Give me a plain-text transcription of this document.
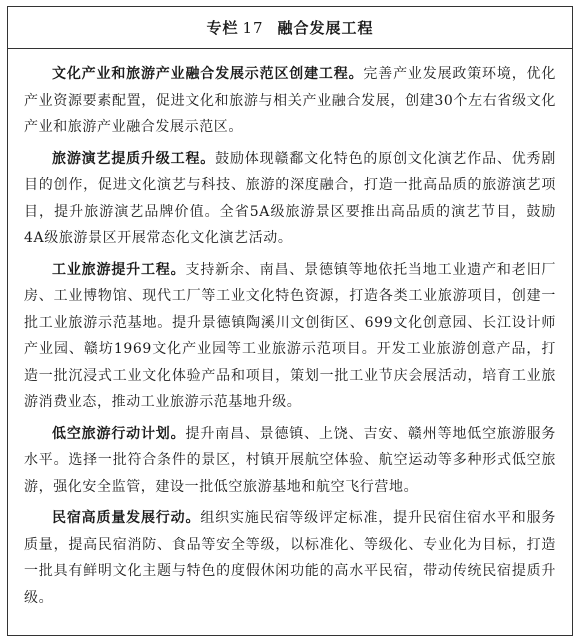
专栏 17 融合发展工程

文化产业和旅游产业融合发展示范区创建工程。完善产业发展政策环境，优化产业资源要素配置，促进文化和旅游与相关产业融合发展，创建30个左右省级文化产业和旅游产业融合发展示范区。

旅游演艺提质升级工程。鼓励体现赣鄱文化特色的原创文化演艺作品、优秀剧目的创作，促进文化演艺与科技、旅游的深度融合，打造一批高品质的旅游演艺项目，提升旅游演艺品牌价值。全省5A级旅游景区要推出高品质的演艺节目，鼓励4A级旅游景区开展常态化文化演艺活动。

工业旅游提升工程。支持新余、南昌、景德镇等地依托当地工业遗产和老旧厂房、工业博物馆、现代工厂等工业文化特色资源，打造各类工业旅游项目，创建一批工业旅游示范基地。提升景德镇陶溪川文创街区、699文化创意园、长江设计师产业园、赣坊1969文化产业园等工业旅游示范项目。开发工业旅游创意产品，打造一批沉浸式工业文化体验产品和项目，策划一批工业节庆会展活动，培育工业旅游消费业态，推动工业旅游示范基地升级。

低空旅游行动计划。提升南昌、景德镇、上饶、吉安、赣州等地低空旅游服务水平。选择一批符合条件的景区，村镇开展航空体验、航空运动等多种形式低空旅游，强化安全监管，建设一批低空旅游基地和航空飞行营地。

民宿高质量发展行动。组织实施民宿等级评定标准，提升民宿住宿水平和服务质量，提高民宿消防、食品等安全等级，以标准化、等级化、专业化为目标，打造一批具有鲜明文化主题与特色的度假休闲功能的高水平民宿，带动传统民宿提质升级。
